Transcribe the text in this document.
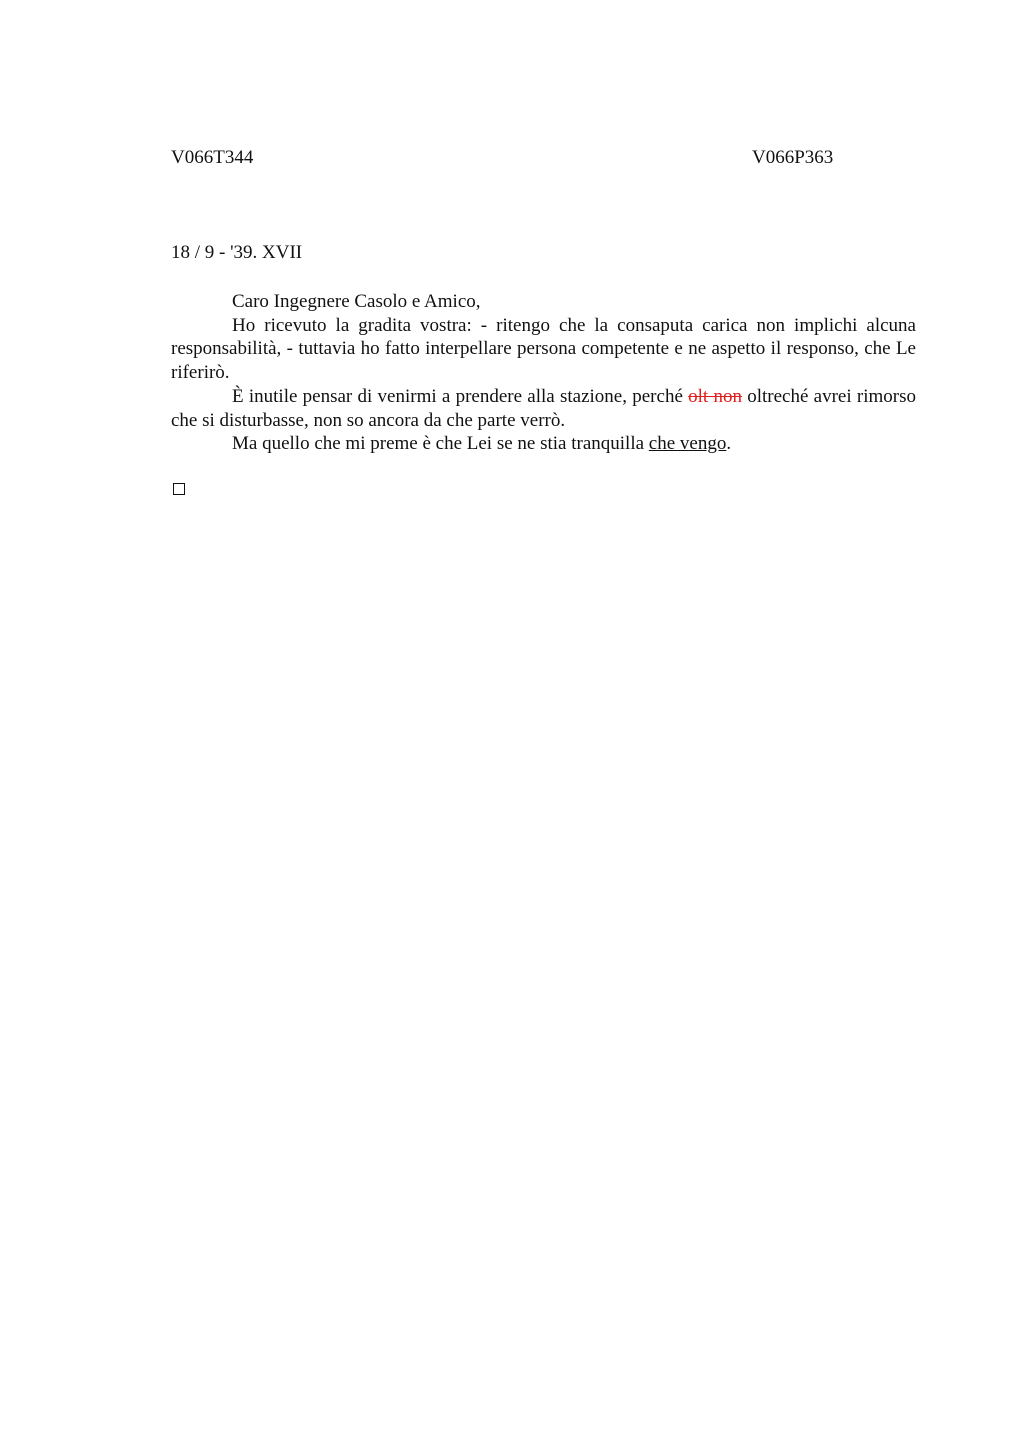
V066T344	V066P363
18 / 9 - '39. XVII

Caro Ingegnere Casolo e Amico,

Ho ricevuto la gradita vostra: - ritengo che la consaputa carica non implichi alcuna responsabilità, - tuttavia ho fatto interpellare persona competente e ne aspetto il responso, che Le riferirò.

È inutile pensar di venirmi a prendere alla stazione, perché olt non oltreché avrei rimorso che si disturbasse, non so ancora da che parte verrò.

Ma quello che mi preme è che Lei se ne stia tranquilla che vengo.
